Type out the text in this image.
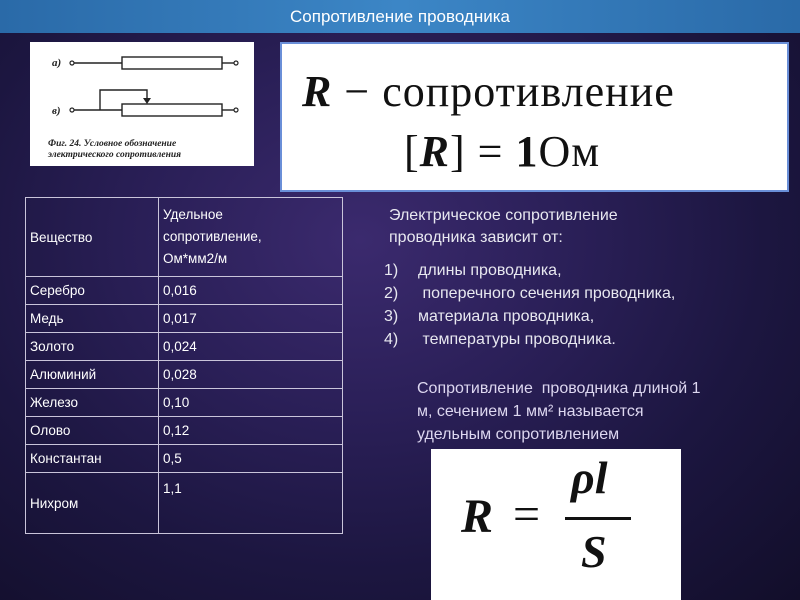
Сопротивление проводника
а)
в)
Фиг. 24. Условное обозначение
электрического сопротивления
R − сопротивление
[R] = 1Ом
Вещество	Удельное
сопротивление,
Ом*мм2/м

Серебро	0,016
Медь	0,017
Золото	0,024
Алюминий	0,028
Железо	0,10
Олово	0,12
Константан	0,5
Нихром	1,1
Электрическое сопротивление
проводника зависит от:
1)	длины проводника,
2)	поперечного сечения проводника,
3)	материала проводника,
4)	температуры проводника.
Сопротивление  проводника длиной 1
м, сечением 1 мм² называется
удельным сопротивлением
R =
ρl
S
